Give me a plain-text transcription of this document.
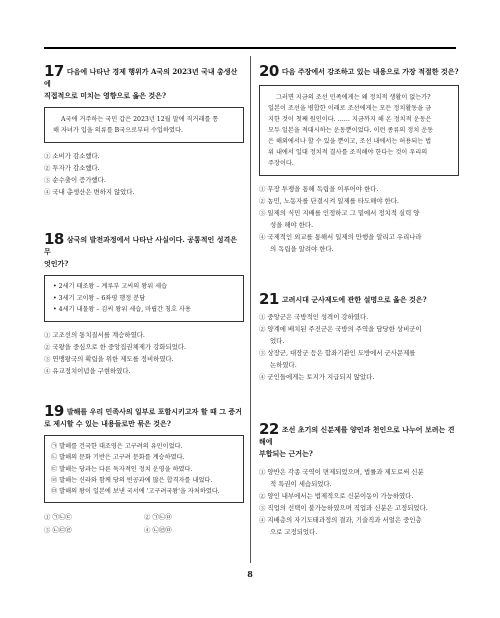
17 다음에 나타난 경제 행위가 A국의 2023년 국내 총생산에
직접적으로 미치는 영향으로 옳은 것은?
A국에 거주하는 국민 갑은 2023년 12월 말에 직거래를 통
해 자녀가 입을 의류를 B국으로부터 수입하였다.
① 소비가 감소했다.
② 투자가 감소했다.
③ 순수출이 증가했다.
④ 국내 총생산은 변하지 않았다.
18 삼국의 발전과정에서 나타난 사실이다. 공통적인 성격은 무
엇인가?
• 2세기 태조왕 – 계루부 고씨의 왕위 세습
• 3세기 고이왕 – 6좌평 행정 분담
• 4세기 내물왕 – 김씨 왕위 세습, 마립간 칭호 사용
① 고조선의 통치질서를 계승하였다.
② 국왕을 중심으로 한 중앙집권체제가 강화되었다.
③ 연맹왕국의 확립을 위한 제도를 정비하였다.
④ 유교정치이념을 구현하였다.
19 발해를 우리 민족사의 일부로 포함시키고자 할 때 그 증거
로 제시할 수 있는 내용들로만 묶은 것은?
㉠ 발해를 건국한 대조영은 고구려의 유민이었다.
㉡ 발해의 문화 기반은 고구려 문화를 계승하였다.
㉢ 발해는 당과는 다른 독자적인 정치 운영을 하였다.
㉣ 발해는 신라와 함께 당의 빈공과에 많은 합격자를 내었다.
㉤ 발해의 왕이 일본에 보낸 국서에 '고구려국왕'을 자처하였다.
① ㉠㉡㉢	② ㉠㉡㉤
③ ㉡㉢㉣	④ ㉡㉣㉤
20 다음 주장에서 강조하고 있는 내용으로 가장 적절한 것은?
그러면 지금의 조선 민족에게는 왜 정치적 생활이 없는가?
일본이 조선을 병합한 이래로 조선에게는 모든 정치활동을 금
지한 것이 첫째 원인이다. …… 지금까지 해 온 정치적 운동은
모두 일본을 적대시하는 운동뿐이었다. 이런 종류의 정치 운동
은 해외에서나 할 수 있을 뿐이고, 조선 내에서는 허용되는 법
위 내에서 일대 정치적 결사를 조직해야 한다는 것이 우리의
주장이다.
① 무장 투쟁을 통해 독립을 이루어야 한다.
② 농민, 노동자를 단결시켜 일제를 타도해야 한다.
③ 일제의 식민 지배를 인정하고 그 밑에서 정치적 실력 양
성을 해야 한다.
④ 국제적인 외교를 통해서 일제의 만행을 알리고 우리나라
의 독립을 알려야 한다.
21 고려시대 군사제도에 관한 설명으로 옳은 것은?
① 중앙군은 국방적인 성격이 강하였다.
② 양계에 배치된 주진군은 국방의 주역을 담당한 상비군이
었다.
③ 상장군, 대장군 등은 합좌기관인 도방에서 군사문제를
논하였다.
④ 군인들에게는 토지가 지급되지 않았다.
22 조선 초기의 신분제를 양인과 천인으로 나누어 보려는 견해에
부합되는 근거는?
① 양반은 각종 국역이 면제되었으며, 법률과 제도로써 신분
적 특권이 세습되었다.
② 양인 내부에서는 법제적으로 신분이동이 가능하였다.
③ 직업의 선택이 불가능하였으며 직업과 신분은 고정되었다.
④ 지배층의 자기도태과정의 결과, 기술직과 서얼은 중인층
으로 고정되었다.
8
